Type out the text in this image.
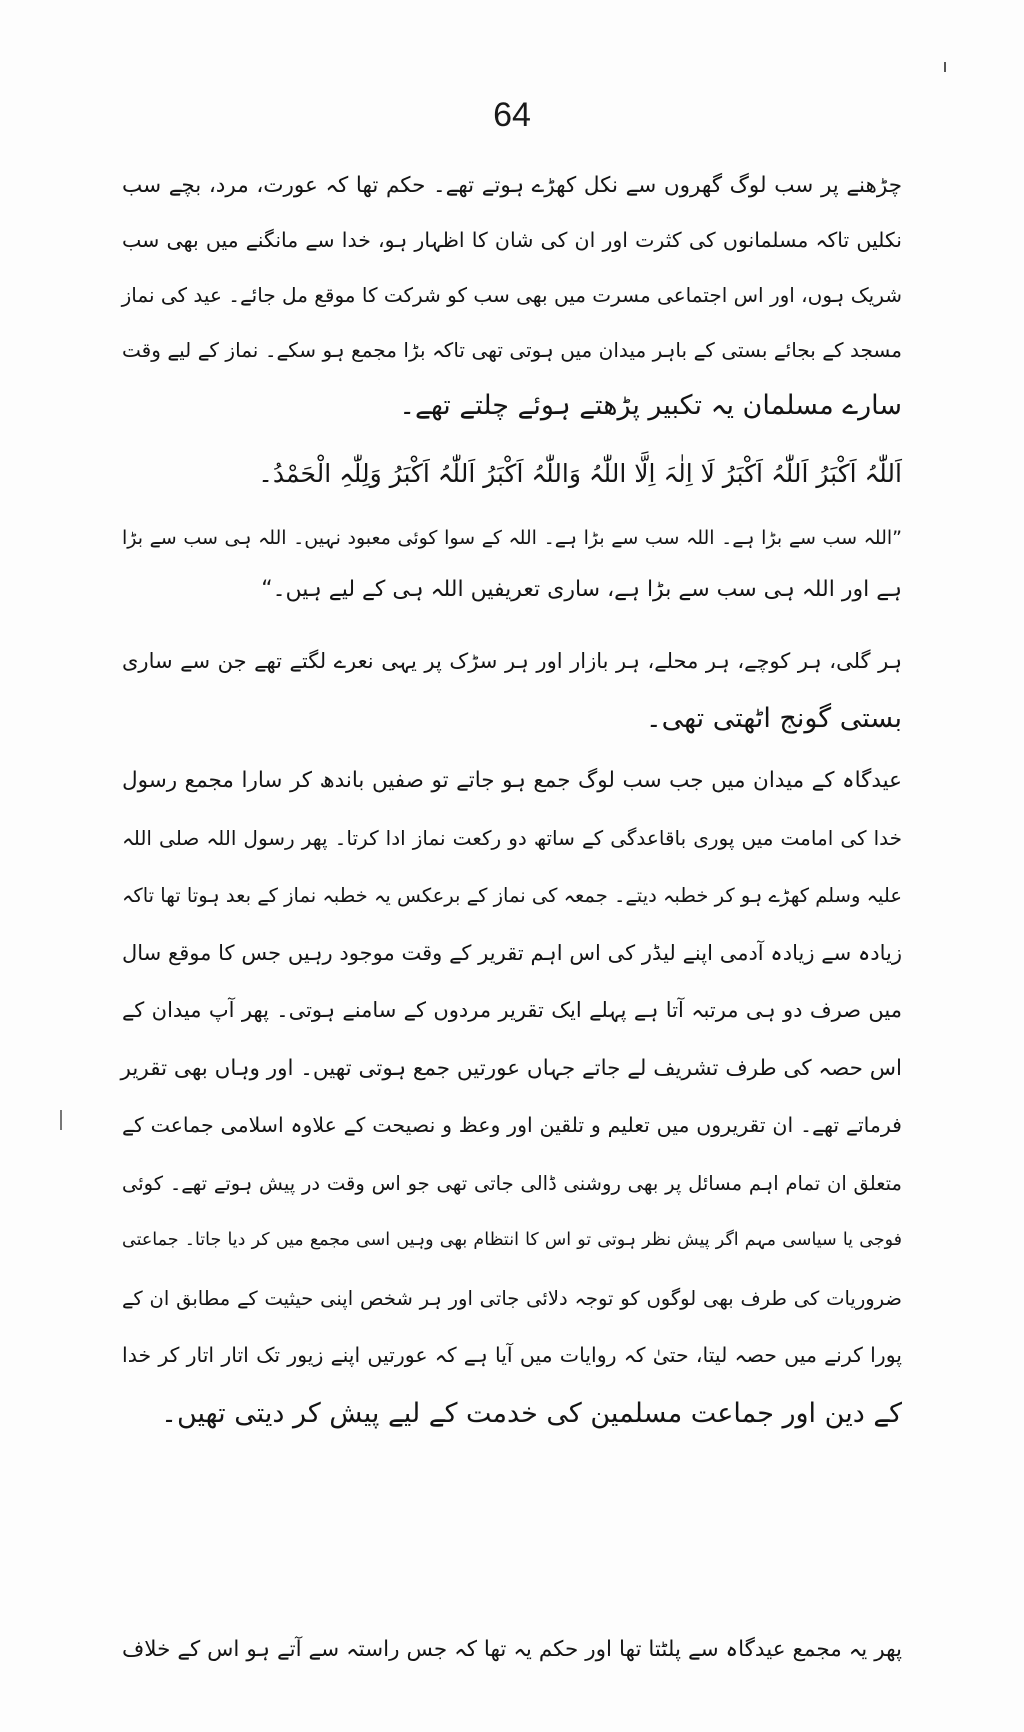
64
چڑھنے پر سب لوگ گھروں سے نکل کھڑے ہوتے تھے۔ حکم تھا کہ عورت، مرد، بچے سب
نکلیں تاکہ مسلمانوں کی کثرت اور ان کی شان کا اظہار ہو، خدا سے مانگنے میں بھی سب
شریک ہوں، اور اس اجتماعی مسرت میں بھی سب کو شرکت کا موقع مل جائے۔ عید کی نماز
مسجد کے بجائے بستی کے باہر میدان میں ہوتی تھی تاکہ بڑا مجمع ہو سکے۔ نماز کے لیے وقت
سارے مسلمان یہ تکبیر پڑھتے ہوئے چلتے تھے۔
اَللّٰہُ اَکْبَرُ اَللّٰہُ اَکْبَرُ لَا اِلٰہَ اِلَّا اللّٰہُ وَاللّٰہُ اَکْبَرُ اَللّٰہُ اَکْبَرُ وَلِلّٰہِ الْحَمْدُ۔
”اللہ سب سے بڑا ہے۔ اللہ سب سے بڑا ہے۔ اللہ کے سوا کوئی معبود نہیں۔ اللہ ہی سب سے بڑا
ہے اور اللہ ہی سب سے بڑا ہے، ساری تعریفیں اللہ ہی کے لیے ہیں۔“
ہر گلی، ہر کوچے، ہر محلے، ہر بازار اور ہر سڑک پر یہی نعرے لگتے تھے جن سے ساری
بستی گونج اٹھتی تھی۔
عیدگاہ کے میدان میں جب سب لوگ جمع ہو جاتے تو صفیں باندھ کر سارا مجمع رسول
خدا کی امامت میں پوری باقاعدگی کے ساتھ دو رکعت نماز ادا کرتا۔ پھر رسول اللہ صلی اللہ
علیہ وسلم کھڑے ہو کر خطبہ دیتے۔ جمعہ کی نماز کے برعکس یہ خطبہ نماز کے بعد ہوتا تھا تاکہ
زیادہ سے زیادہ آدمی اپنے لیڈر کی اس اہم تقریر کے وقت موجود رہیں جس کا موقع سال
میں صرف دو ہی مرتبہ آتا ہے پہلے ایک تقریر مردوں کے سامنے ہوتی۔ پھر آپ میدان کے
اس حصہ کی طرف تشریف لے جاتے جہاں عورتیں جمع ہوتی تھیں۔ اور وہاں بھی تقریر
فرماتے تھے۔ ان تقریروں میں تعلیم و تلقین اور وعظ و نصیحت کے علاوہ اسلامی جماعت کے
متعلق ان تمام اہم مسائل پر بھی روشنی ڈالی جاتی تھی جو اس وقت در پیش ہوتے تھے۔ کوئی
فوجی یا سیاسی مہم اگر پیش نظر ہوتی تو اس کا انتظام بھی وہیں اسی مجمع میں کر دیا جاتا۔ جماعتی
ضروریات کی طرف بھی لوگوں کو توجہ دلائی جاتی اور ہر شخص اپنی حیثیت کے مطابق ان کے
پورا کرنے میں حصہ لیتا، حتیٰ کہ روایات میں آیا ہے کہ عورتیں اپنے زیور تک اتار اتار کر خدا
کے دین اور جماعت مسلمین کی خدمت کے لیے پیش کر دیتی تھیں۔
پھر یہ مجمع عیدگاہ سے پلٹتا تھا اور حکم یہ تھا کہ جس راستہ سے آتے ہو اس کے خلاف
